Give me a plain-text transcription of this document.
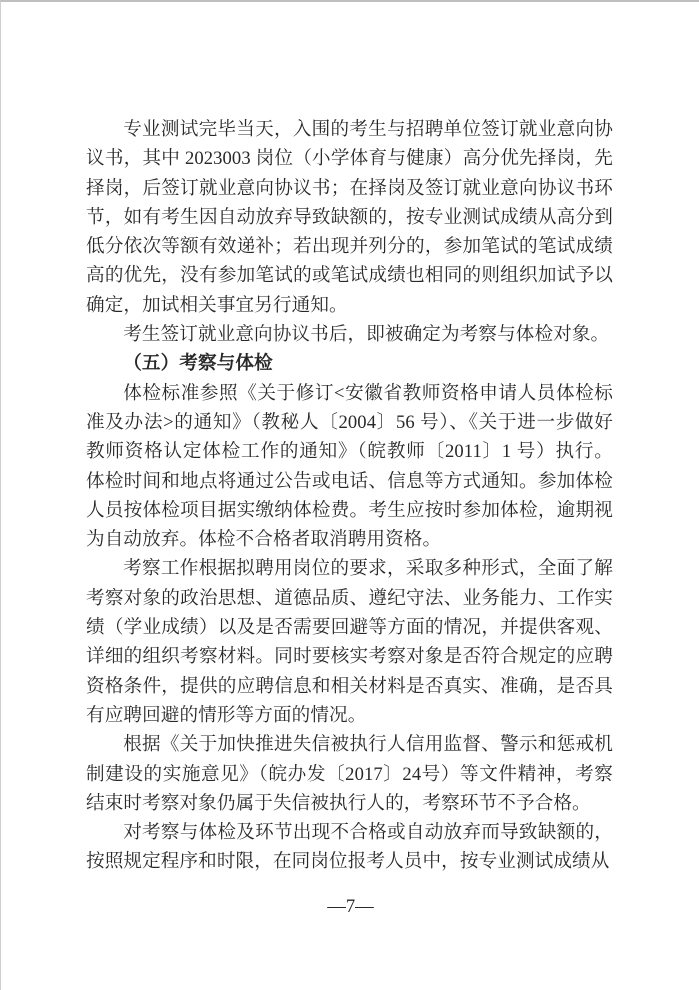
专业测试完毕当天，入围的考生与招聘单位签订就业意向协议书，其中 2023003 岗位（小学体育与健康）高分优先择岗，先择岗，后签订就业意向协议书；在择岗及签订就业意向协议书环节，如有考生因自动放弃导致缺额的，按专业测试成绩从高分到低分依次等额有效递补；若出现并列分的，参加笔试的笔试成绩高的优先，没有参加笔试的或笔试成绩也相同的则组织加试予以确定，加试相关事宜另行通知。

考生签订就业意向协议书后，即被确定为考察与体检对象。

（五）考察与体检

体检标准参照《关于修订<安徽省教师资格申请人员体检标准及办法>的通知》（教秘人〔2004〕56 号）、《关于进一步做好教师资格认定体检工作的通知》（皖教师〔2011〕1 号）执行。体检时间和地点将通过公告或电话、信息等方式通知。参加体检人员按体检项目据实缴纳体检费。考生应按时参加体检，逾期视为自动放弃。体检不合格者取消聘用资格。

考察工作根据拟聘用岗位的要求，采取多种形式，全面了解考察对象的政治思想、道德品质、遵纪守法、业务能力、工作实绩（学业成绩）以及是否需要回避等方面的情况，并提供客观、详细的组织考察材料。同时要核实考察对象是否符合规定的应聘资格条件，提供的应聘信息和相关材料是否真实、准确，是否具有应聘回避的情形等方面的情况。

根据《关于加快推进失信被执行人信用监督、警示和惩戒机制建设的实施意见》（皖办发〔2017〕24号）等文件精神，考察结束时考察对象仍属于失信被执行人的，考察环节不予合格。

对考察与体检及环节出现不合格或自动放弃而导致缺额的，按照规定程序和时限，在同岗位报考人员中，按专业测试成绩从

—7—
